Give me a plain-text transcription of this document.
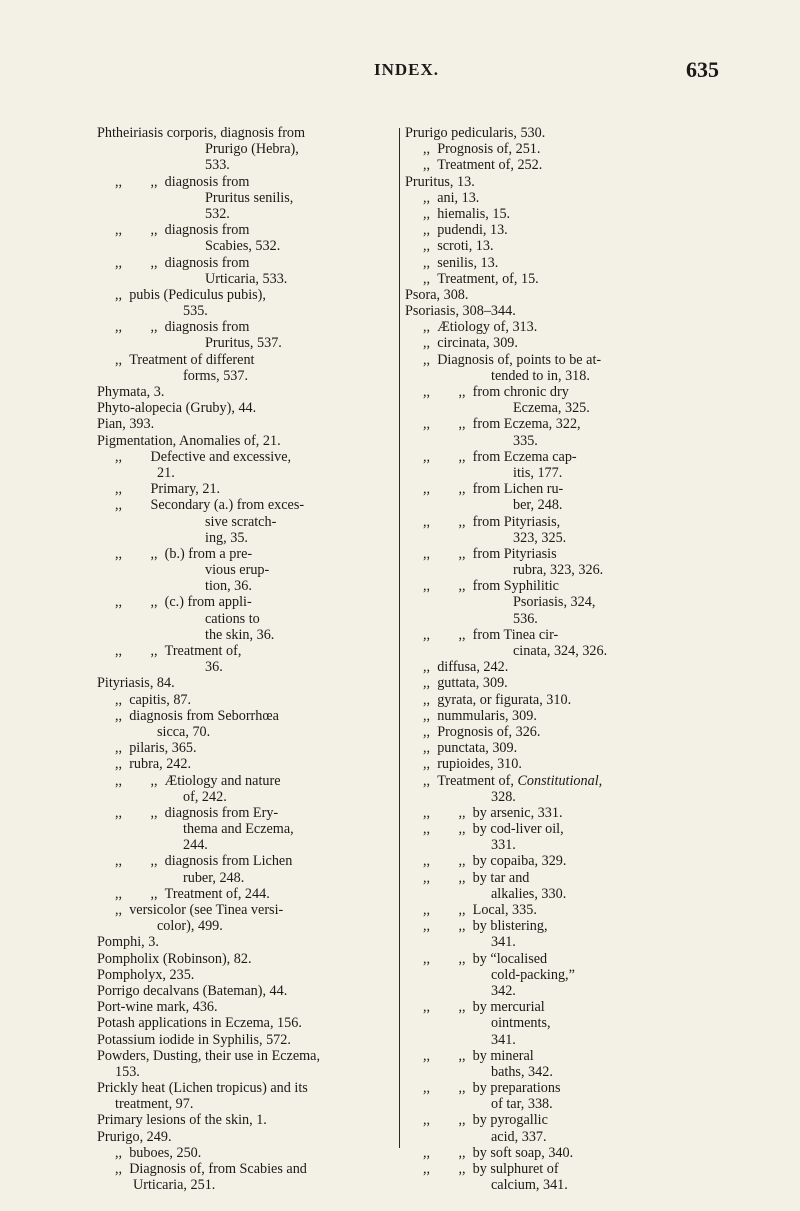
INDEX.	635
Phtheiriasis corporis, diagnosis from
Prurigo (Hebra),
533.
,,        ,,  diagnosis from
Pruritus senilis,
532.
,,        ,,  diagnosis from
Scabies, 532.
,,        ,,  diagnosis from
Urticaria, 533.
,,  pubis (Pediculus pubis),
535.
,,        ,,  diagnosis from
Pruritus, 537.
,,  Treatment of different
forms, 537.
Phymata, 3.
Phyto-alopecia (Gruby), 44.
Pian, 393.
Pigmentation, Anomalies of, 21.
,,        Defective and excessive,
21.
,,        Primary, 21.
,,        Secondary (a.) from exces-
sive scratch-
ing, 35.
,,        ,,  (b.) from a pre-
vious erup-
tion, 36.
,,        ,,  (c.) from appli-
cations to
the skin, 36.
,,        ,,  Treatment of,
36.
Pityriasis, 84.
,,  capitis, 87.
,,  diagnosis from Seborrhœa
sicca, 70.
,,  pilaris, 365.
,,  rubra, 242.
,,        ,,  Ætiology and nature
of, 242.
,,        ,,  diagnosis from Ery-
thema and Eczema,
244.
,,        ,,  diagnosis from Lichen
ruber, 248.
,,        ,,  Treatment of, 244.
,,  versicolor (see Tinea versi-
color), 499.
Pomphi, 3.
Pompholix (Robinson), 82.
Pompholyx, 235.
Porrigo decalvans (Bateman), 44.
Port-wine mark, 436.
Potash applications in Eczema, 156.
Potassium iodide in Syphilis, 572.
Powders, Dusting, their use in Eczema,
153.
Prickly heat (Lichen tropicus) and its
treatment, 97.
Primary lesions of the skin, 1.
Prurigo, 249.
,,  buboes, 250.
,,  Diagnosis of, from Scabies and
Urticaria, 251.
Prurigo pedicularis, 530.
,,  Prognosis of, 251.
,,  Treatment of, 252.
Pruritus, 13.
,,  ani, 13.
,,  hiemalis, 15.
,,  pudendi, 13.
,,  scroti, 13.
,,  senilis, 13.
,,  Treatment, of, 15.
Psora, 308.
Psoriasis, 308–344.
,,  Ætiology of, 313.
,,  circinata, 309.
,,  Diagnosis of, points to be at-
tended to in, 318.
,,        ,,  from chronic dry
Eczema, 325.
,,        ,,  from Eczema, 322,
335.
,,        ,,  from Eczema cap-
itis, 177.
,,        ,,  from Lichen ru-
ber, 248.
,,        ,,  from Pityriasis,
323, 325.
,,        ,,  from Pityriasis
rubra, 323, 326.
,,        ,,  from Syphilitic
Psoriasis, 324,
536.
,,        ,,  from Tinea cir-
cinata, 324, 326.
,,  diffusa, 242.
,,  guttata, 309.
,,  gyrata, or figurata, 310.
,,  nummularis, 309.
,,  Prognosis of, 326.
,,  punctata, 309.
,,  rupioides, 310.
,,  Treatment of, Constitutional,
328.
,,        ,,  by arsenic, 331.
,,        ,,  by cod-liver oil,
331.
,,        ,,  by copaiba, 329.
,,        ,,  by tar and
alkalies, 330.
,,        ,,  Local, 335.
,,        ,,  by blistering,
341.
,,        ,,  by “localised
cold-packing,”
342.
,,        ,,  by mercurial
ointments,
341.
,,        ,,  by mineral
baths, 342.
,,        ,,  by preparations
of tar, 338.
,,        ,,  by pyrogallic
acid, 337.
,,        ,,  by soft soap, 340.
,,        ,,  by sulphuret of
calcium, 341.
